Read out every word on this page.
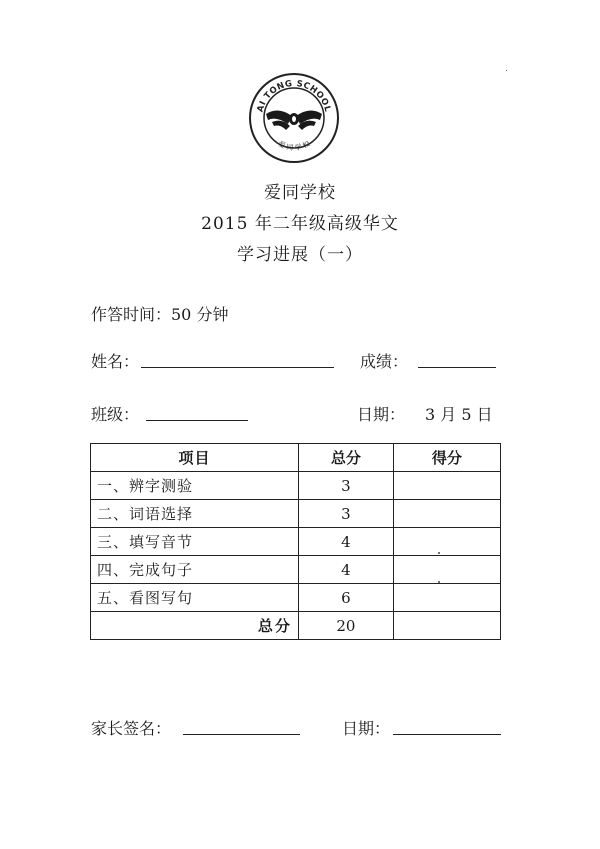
AI TONG SCHOOL
爱 同 学 校
爱同学校
2015 年二年级高级华文
学习进展（一）
作答时间：50 分钟
姓名：	成绩：
班级：	日期： 3 月 5 日
项目	总分	得分
一、辨字测验	3	
二、词语选择	3	
三、填写音节	4	
四、完成句子	4	
五、看图写句	6	
总分	20	
家长签名：	日期：
